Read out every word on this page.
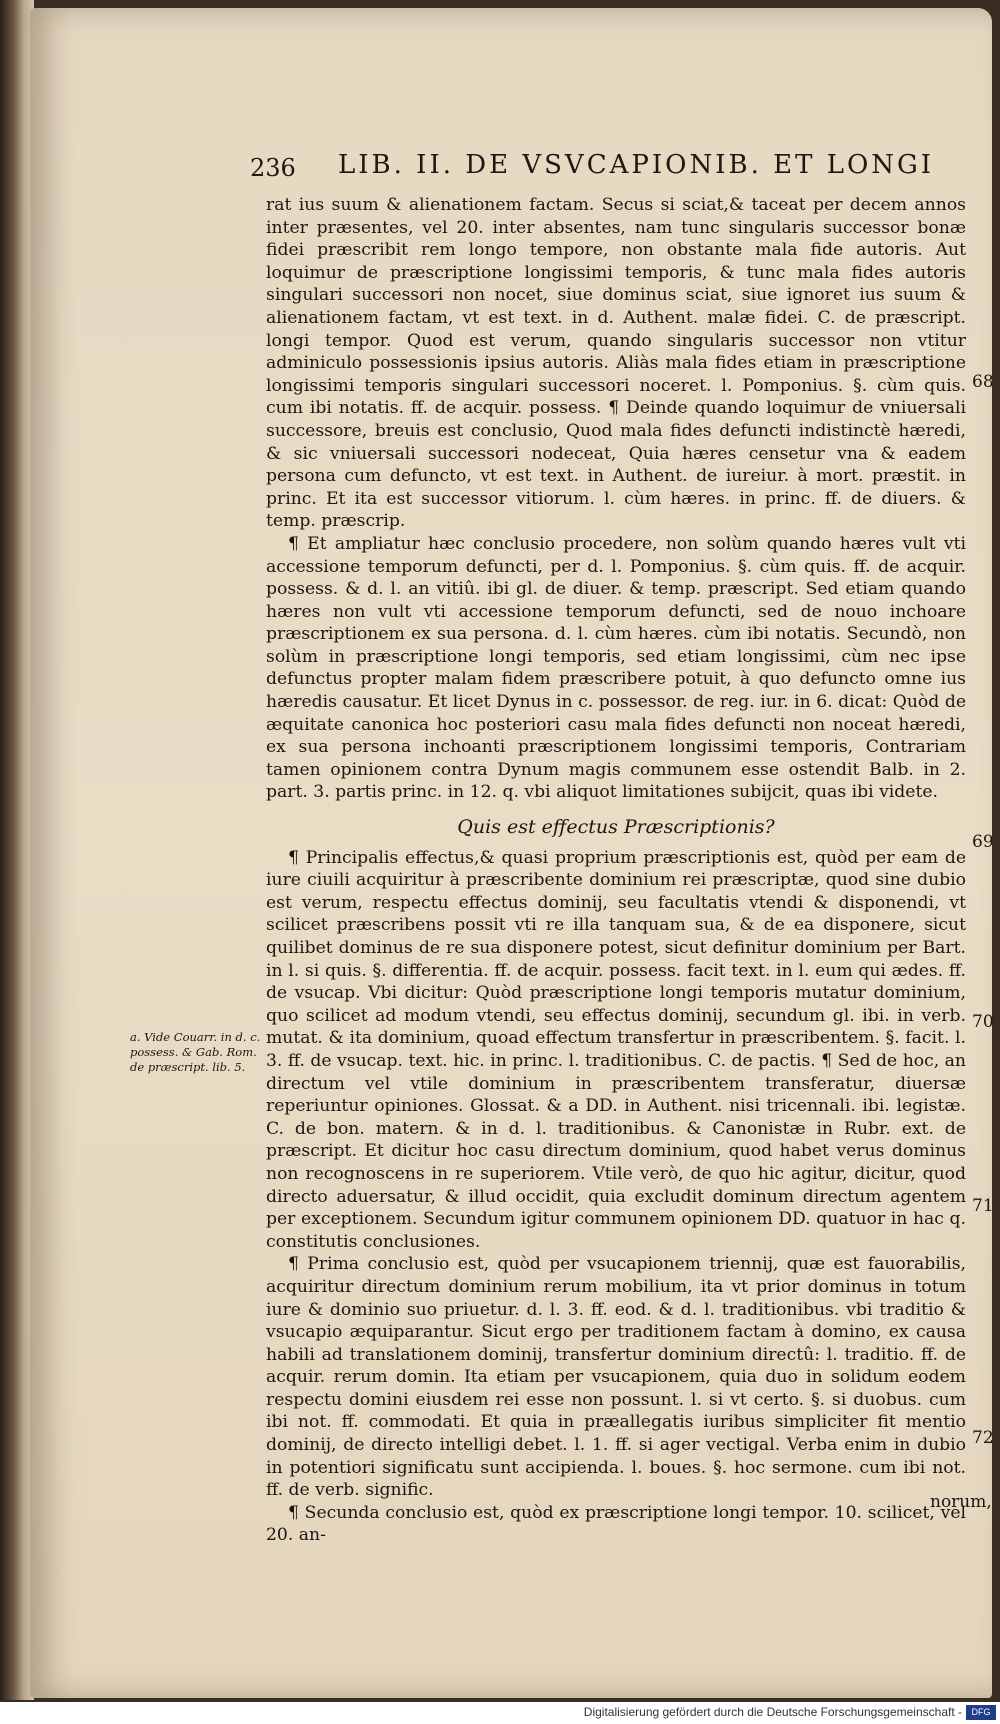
236 LIB. II. DE VSVCAPIONIB. ET LONGI

rat ius suum & alienationem factam. Secus si sciat,& taceat per decem annos inter præsentes, vel 20. inter absentes, nam tunc singularis successor bonæ fidei præscribit rem longo tempore, non obstante mala fide autoris. Aut loquimur de præscriptione longissimi temporis, & tunc mala fides autoris singulari successori non nocet, siue dominus sciat, siue ignoret ius suum & alienationem factam, vt est text. in d. Authent. malæ fidei. C. de præscript. longi tempor. Quod est verum, quando singularis successor non vtitur adminiculo possessionis ipsius autoris. Aliàs mala fides etiam in præscriptione longissimi temporis singulari successori noceret. l. Pomponius. §. cùm quis. cum ibi notatis. ff. de acquir. possess. ¶ Deinde quando loquimur de vniuersali successore, breuis est conclusio, Quod mala fides defuncti indistinctè hæredi, & sic vniuersali successori nodeceat, Quia hæres censetur vna & eadem persona cum defuncto, vt est text. in Authent. de iureiur. à mort. præstit. in princ. Et ita est successor vitiorum. l. cùm hæres. in princ. ff. de diuers. & temp. præscrip.

¶ Et ampliatur hæc conclusio procedere, non solùm quando hæres vult vti accessione temporum defuncti, per d. l. Pomponius. §. cùm quis. ff. de acquir. possess. & d. l. an vitiû. ibi gl. de diuer. & temp. præscript. Sed etiam quando hæres non vult vti accessione temporum defuncti, sed de nouo inchoare præscriptionem ex sua persona. d. l. cùm hæres. cùm ibi notatis. Secundò, non solùm in præscriptione longi temporis, sed etiam longissimi, cùm nec ipse defunctus propter malam fidem præscribere potuit, à quo defuncto omne ius hæredis causatur. Et licet Dynus in c. possessor. de reg. iur. in 6. dicat: Quòd de æquitate canonica hoc posteriori casu mala fides defuncti non noceat hæredi, ex sua persona inchoanti præscriptionem longissimi temporis, Contrariam tamen opinionem contra Dynum magis communem esse ostendit Balb. in 2. part. 3. partis princ. in 12. q. vbi aliquot limitationes subijcit, quas ibi videte.

Quis est effectus Præscriptionis?

¶ Principalis effectus,& quasi proprium præscriptionis est, quòd per eam de iure ciuili acquiritur à præscribente dominium rei præscriptæ, quod sine dubio est verum, respectu effectus dominij, seu facultatis vtendi & disponendi, vt scilicet præscribens possit vti re illa tanquam sua, & de ea disponere, sicut quilibet dominus de re sua disponere potest, sicut definitur dominium per Bart. in l. si quis. §. differentia. ff. de acquir. possess. facit text. in l. eum qui ædes. ff. de vsucap. Vbi dicitur: Quòd præscriptione longi temporis mutatur dominium, quo scilicet ad modum vtendi, seu effectus dominij, secundum gl. ibi. in verb. mutat. & ita dominium, quoad effectum transfertur in præscribentem. §. facit. l. 3. ff. de vsucap. text. hic. in princ. l. traditionibus. C. de pactis. ¶ Sed de hoc, an directum vel vtile dominium in præscribentem transferatur, diuersæ reperiuntur opiniones. Glossat. & a DD. in Authent. nisi tricennali. ibi. legistæ. C. de bon. matern. & in d. l. traditionibus. & Canonistæ in Rubr. ext. de præscript. Et dicitur hoc casu directum dominium, quod habet verus dominus non recognoscens in re superiorem. Vtile verò, de quo hic agitur, dicitur, quod directo aduersatur, & illud occidit, quia excludit dominum directum agentem per exceptionem. Secundum igitur communem opinionem DD. quatuor in hac q. constitutis conclusiones.

¶ Prima conclusio est, quòd per vsucapionem triennij, quæ est fauorabilis, acquiritur directum dominium rerum mobilium, ita vt prior dominus in totum iure & dominio suo priuetur. d. l. 3. ff. eod. & d. l. traditionibus. vbi traditio & vsucapio æquiparantur. Sicut ergo per traditionem factam à domino, ex causa habili ad translationem dominij, transfertur dominium directû: l. traditio. ff. de acquir. rerum domin. Ita etiam per vsucapionem, quia duo in solidum eodem respectu domini eiusdem rei esse non possunt. l. si vt certo. §. si duobus. cum ibi not. ff. commodati. Et quia in præallegatis iuribus simpliciter fit mentio dominij, de directo intelligi debet. l. 1. ff. si ager vectigal. Verba enim in dubio in potentiori significatu sunt accipienda. l. boues. §. hoc sermone. cum ibi not. ff. de verb. signific.

¶ Secunda conclusio est, quòd ex præscriptione longi tempor. 10. scilicet, vel 20. an-

a. Vide Couarr. in d. c. possess. & Gab. Rom. de præscript. lib. 5.
68
69
70
71
72
norum,
Digitalisierung gefördert durch die Deutsche Forschungsgemeinschaft -	DFG
